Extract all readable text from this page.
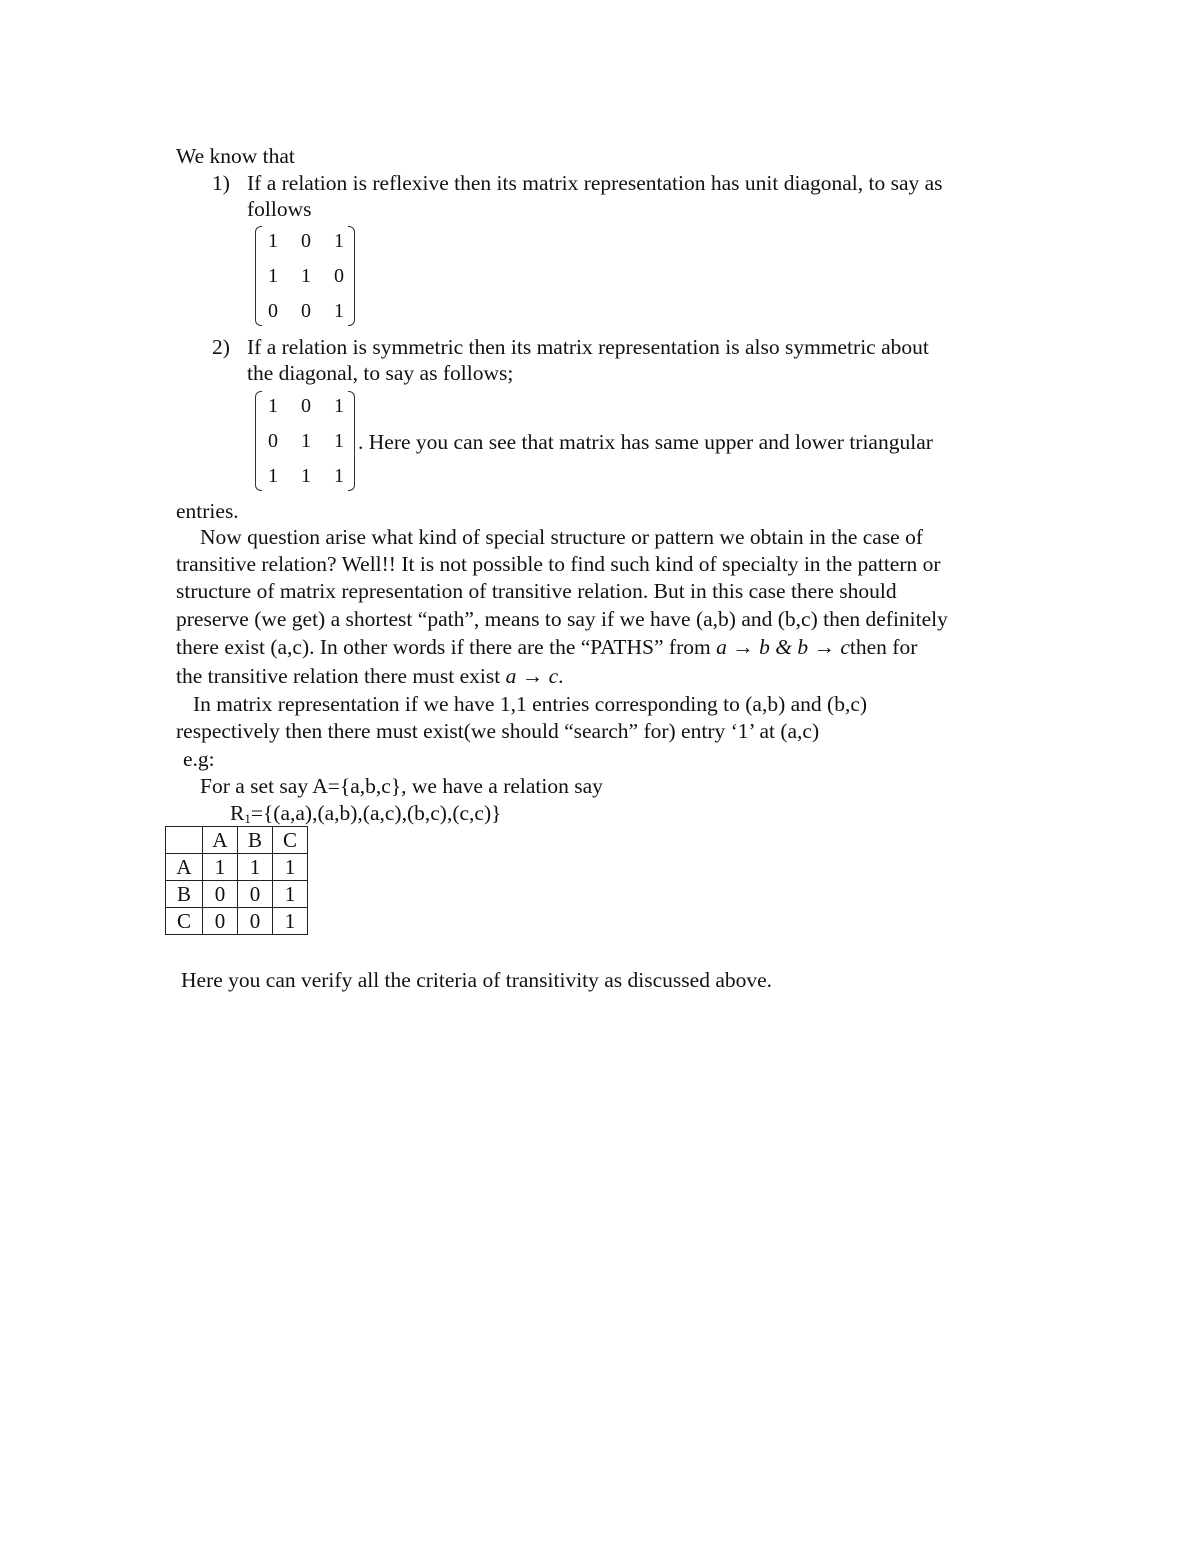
We know that
1) If a relation is reflexive then its matrix representation has unit diagonal, to say as
follows
1	0	1
1	1	0
0	0	1
2) If a relation is symmetric then its matrix representation is also symmetric about
the diagonal, to say as follows;
1	0	1
0	1	1
1	1	1
. Here you can see that matrix has same upper and lower triangular
entries.
Now question arise what kind of special structure or pattern we obtain in the case of
transitive relation? Well!! It is not possible to find such kind of specialty in the pattern or
structure of matrix representation of transitive relation. But in this case there should
preserve (we get) a shortest “path”, means to say if we have (a,b) and (b,c) then definitely
there exist (a,c). In other words if there are the “PATHS” from a → b & b → cthen for
the transitive relation there must exist a → c.
In matrix representation if we have 1,1 entries corresponding to (a,b) and (b,c)
respectively then there must exist(we should “search” for) entry ‘1’ at (a,c)
e.g:
For a set say A={a,b,c}, we have a relation say
$R_1=\{(a,a),(a,b),(a,c),(b,c),(c,c)\}$
	A	B	C
A	1	1	1
B	0	0	1
C	0	0	1
Here you can verify all the criteria of transitivity as discussed above.
